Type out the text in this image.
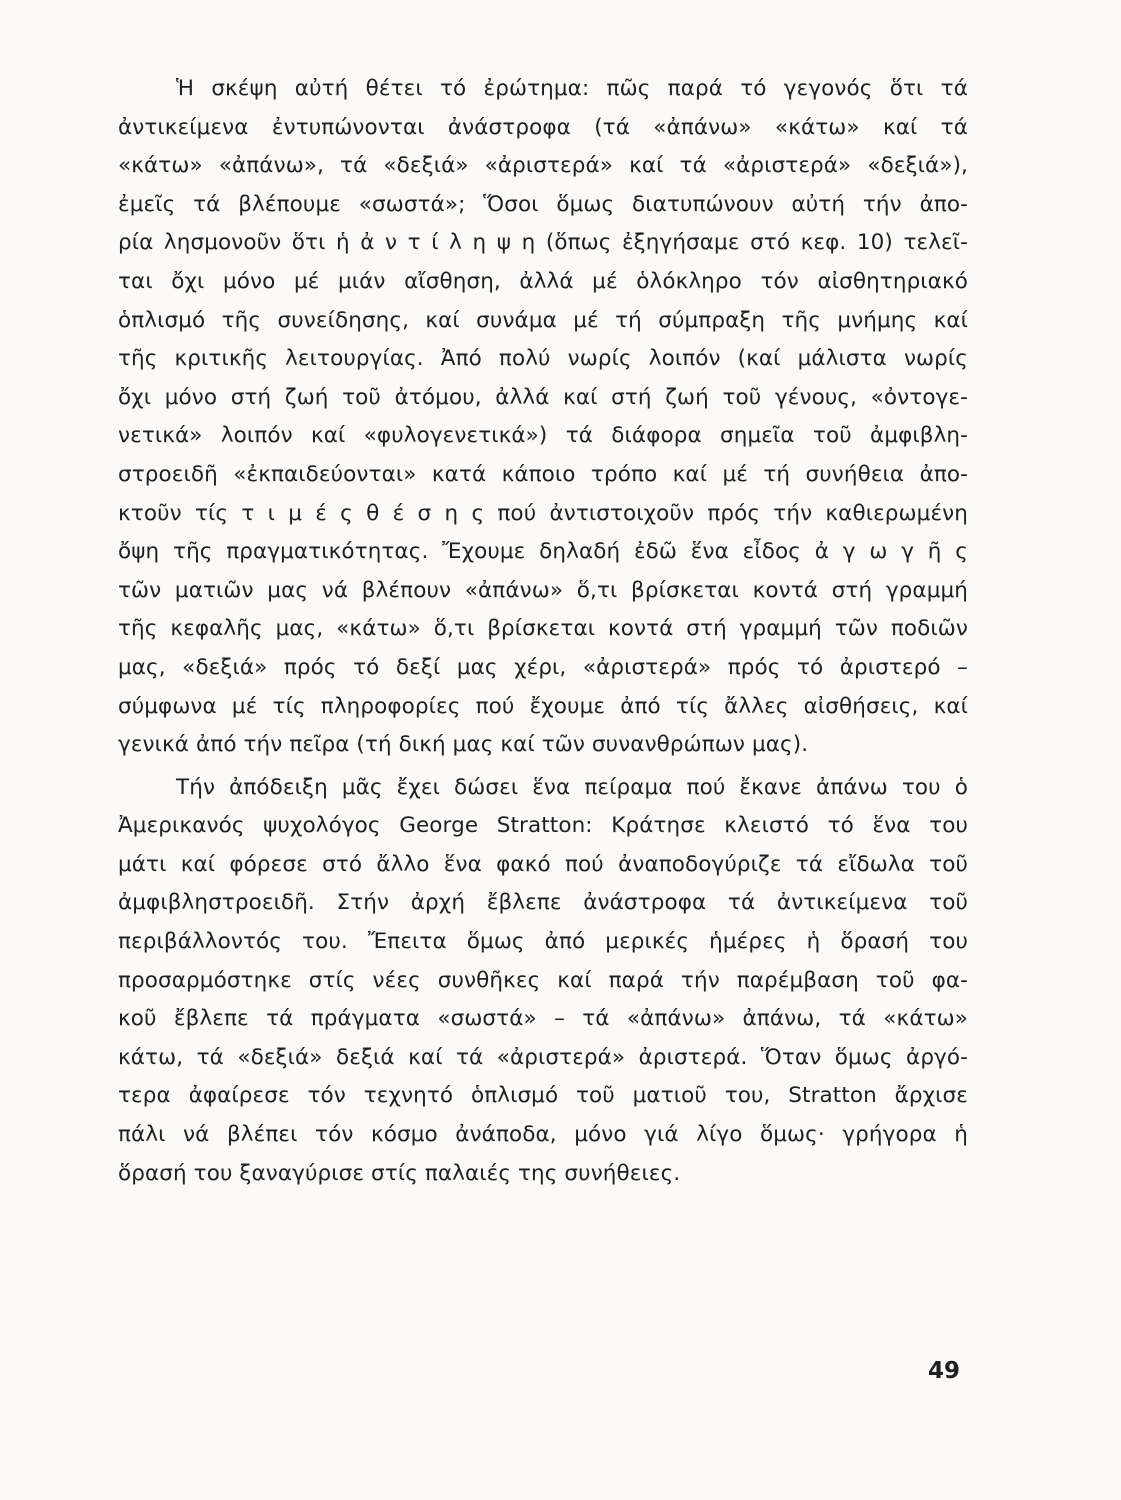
Ἡ σκέψη αὐτή θέτει τό ἐρώτημα: πῶς παρά τό γεγονός ὅτι τά
ἀντικείμενα ἐντυπώνονται ἀνάστροφα (τά «ἀπάνω» «κάτω» καί τά
«κάτω» «ἀπάνω», τά «δεξιά» «ἀριστερά» καί τά «ἀριστερά» «δεξιά»),
ἐμεῖς τά βλέπουμε «σωστά»; Ὅσοι ὅμως διατυπώνουν αὐτή τήν ἀπο-
ρία λησμονοῦν ὅτι ἡ ἀ ν τ ί λ η ψ η (ὅπως ἐξηγήσαμε στό κεφ. 10) τελεῖ-
ται ὄχι μόνο μέ μιάν αἴσθηση, ἀλλά μέ ὁλόκληρο τόν αἰσθητηριακό
ὁπλισμό τῆς συνείδησης, καί συνάμα μέ τή σύμπραξη τῆς μνήμης καί
τῆς κριτικῆς λειτουργίας. Ἀπό πολύ νωρίς λοιπόν (καί μάλιστα νωρίς
ὄχι μόνο στή ζωή τοῦ ἀτόμου, ἀλλά καί στή ζωή τοῦ γένους, «ὀντογε-
νετικά» λοιπόν καί «φυλογενετικά») τά διάφορα σημεῖα τοῦ ἀμφιβλη-
στροειδῆ «ἐκπαιδεύονται» κατά κάποιο τρόπο καί μέ τή συνήθεια ἀπο-
κτοῦν τίς τ ι μ έ ς θ έ σ η ς πού ἀντιστοιχοῦν πρός τήν καθιερωμένη
ὄψη τῆς πραγματικότητας. Ἔχουμε δηλαδή ἐδῶ ἕνα εἶδος ἀ γ ω γ ῆ ς
τῶν ματιῶν μας νά βλέπουν «ἀπάνω» ὅ,τι βρίσκεται κοντά στή γραμμή
τῆς κεφαλῆς μας, «κάτω» ὅ,τι βρίσκεται κοντά στή γραμμή τῶν ποδιῶν
μας, «δεξιά» πρός τό δεξί μας χέρι, «ἀριστερά» πρός τό ἀριστερό –
σύμφωνα μέ τίς πληροφορίες πού ἔχουμε ἀπό τίς ἄλλες αἰσθήσεις, καί
γενικά ἀπό τήν πεῖρα (τή δική μας καί τῶν συνανθρώπων μας).
Τήν ἀπόδειξη μᾶς ἔχει δώσει ἕνα πείραμα πού ἔκανε ἀπάνω του ὁ
Ἀμερικανός ψυχολόγος George Stratton: Κράτησε κλειστό τό ἕνα του
μάτι καί φόρεσε στό ἄλλο ἕνα φακό πού ἀναποδογύριζε τά εἴδωλα τοῦ
ἀμφιβληστροειδῆ. Στήν ἀρχή ἔβλεπε ἀνάστροφα τά ἀντικείμενα τοῦ
περιβάλλοντός του. Ἔπειτα ὅμως ἀπό μερικές ἡμέρες ἡ ὅρασή του
προσαρμόστηκε στίς νέες συνθῆκες καί παρά τήν παρέμβαση τοῦ φα-
κοῦ ἔβλεπε τά πράγματα «σωστά» – τά «ἀπάνω» ἀπάνω, τά «κάτω»
κάτω, τά «δεξιά» δεξιά καί τά «ἀριστερά» ἀριστερά. Ὅταν ὅμως ἀργό-
τερα ἀφαίρεσε τόν τεχνητό ὁπλισμό τοῦ ματιοῦ του, Stratton ἄρχισε
πάλι νά βλέπει τόν κόσμο ἀνάποδα, μόνο γιά λίγο ὅμως· γρήγορα ἡ
ὅρασή του ξαναγύρισε στίς παλαιές της συνήθειες.
49
